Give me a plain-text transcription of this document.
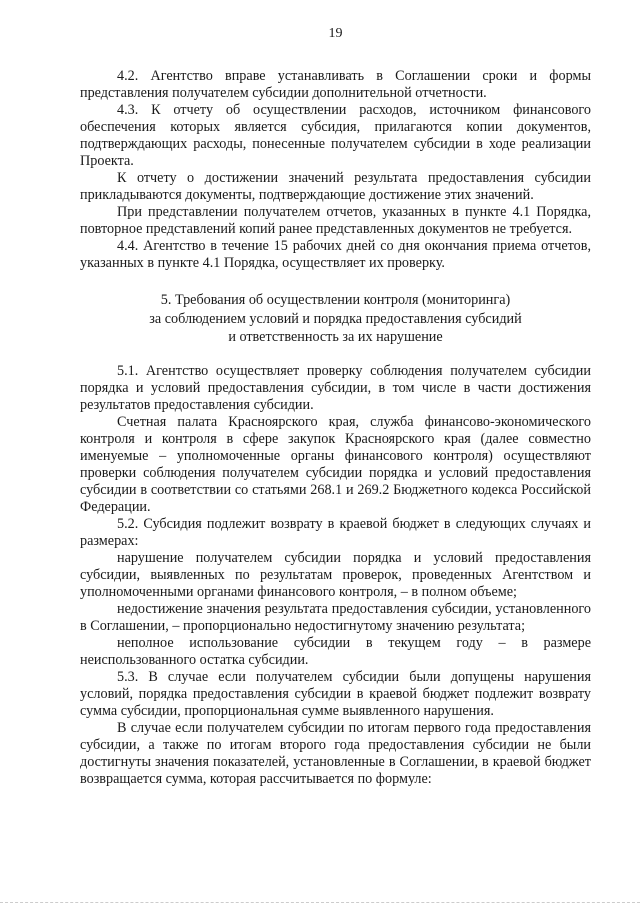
19

4.2. Агентство вправе устанавливать в Соглашении сроки и формы представления получателем субсидии дополнительной отчетности.

4.3. К отчету об осуществлении расходов, источником финансового обеспечения которых является субсидия, прилагаются копии документов, подтверждающих расходы, понесенные получателем субсидии в ходе реализации Проекта.

К отчету о достижении значений результата предоставления субсидии прикладываются документы, подтверждающие достижение этих значений.

При представлении получателем отчетов, указанных в пункте 4.1 Порядка, повторное представлений копий ранее представленных документов не требуется.

4.4. Агентство в течение 15 рабочих дней со дня окончания приема отчетов, указанных в пункте 4.1 Порядка, осуществляет их проверку.

5. Требования об осуществлении контроля (мониторинга)
за соблюдением условий и порядка предоставления субсидий
и ответственность за их нарушение

5.1. Агентство осуществляет проверку соблюдения получателем субсидии порядка и условий предоставления субсидии, в том числе в части достижения результатов предоставления субсидии.

Счетная палата Красноярского края, служба финансово-экономического контроля и контроля в сфере закупок Красноярского края (далее совместно именуемые – уполномоченные органы финансового контроля) осуществляют проверки соблюдения получателем субсидии порядка и условий предоставления субсидии в соответствии со статьями 268.1 и 269.2 Бюджетного кодекса Российской Федерации.

5.2. Субсидия подлежит возврату в краевой бюджет в следующих случаях и размерах:

нарушение получателем субсидии порядка и условий предоставления субсидии, выявленных по результатам проверок, проведенных Агентством и уполномоченными органами финансового контроля, – в полном объеме;

недостижение значения результата предоставления субсидии, установленного в Соглашении, – пропорционально недостигнутому значению результата;

неполное использование субсидии в текущем году – в размере неиспользованного остатка субсидии.

5.3. В случае если получателем субсидии были допущены нарушения условий, порядка предоставления субсидии в краевой бюджет подлежит возврату сумма субсидии, пропорциональная сумме выявленного нарушения.

В случае если получателем субсидии по итогам первого года предоставления субсидии, а также по итогам второго года предоставления субсидии не были достигнуты значения показателей, установленные в Соглашении, в краевой бюджет возвращается сумма, которая рассчитывается по формуле:
